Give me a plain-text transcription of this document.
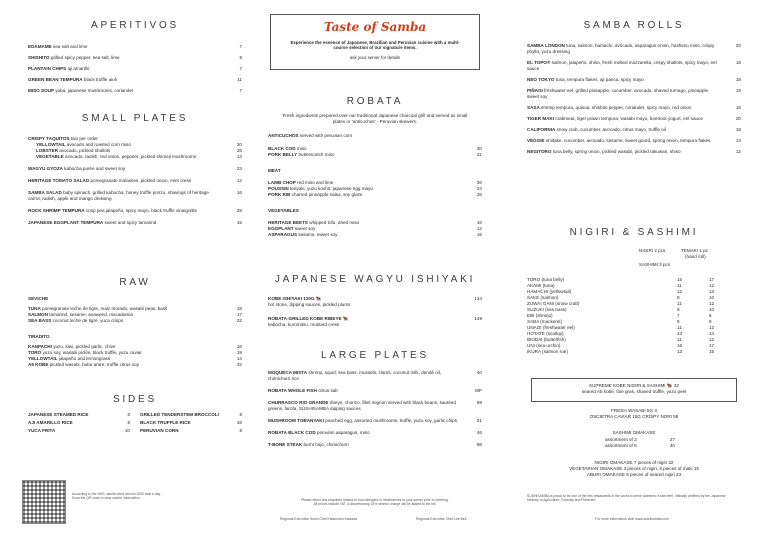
APERITIVOS
EDAMAME sea salt and lime	7
SHISHITO grilled spicy pepper, sea salt, lime	8
PLANTAIN CHIPS aji amarillo	7
GREEN BEAN TEMPURA black truffle aioli	11
MISO SOUP yuba, japanese mushrooms, coriander	7
SMALL PLATES
CRISPY TAQUITOS two per order
YELLOWTAIL avocado and roasted corn miso	20
LOBSTER avocado, pickled shallots	26
VEGETABLE avocado, radish, red onion, peppers, pickled shimeji mushrooms	13
WAGYU GYOZA kabocha purée and sweet soy	23
HERITAGE TOMATO SALAD pomegranate molasses, pickled onion, mint cress	12
SAMBA SALAD baby spinach, grilled kabocha, honey truffle ponzu, shavings of heritage carrot, radish, apple and mango dressing
16
ROCK SHRIMP TEMPURA crisp pea jalapeño, spicy mayo, black truffle vinaigrette	28
JAPANESE EGGPLANT TEMPURA sweet and spicy tamarind	15
RAW
SEVICHE
TUNA pomegranate leche de tigre, maiz morado, wasabi peas, basil	18
SALMON tamarind, sesame, seaweed, macadamia	17
SEA BASS coconut leche de tigre, yuca crisps	22
TIRADITO
KANPACHI yuzu, kiwi, pickled garlic, chive	16
TORO yuzu soy, wasabi pickle, black truffle, yuzu caviar	19
YELLOWTAIL jalapeño and lemongrass	14
A5 KOBE pickled wasabi, bubu arare, truffle citrus soy	32
SIDES
JAPANESE STEAMED RICE	6
AJI AMARILLO RICE	8
YUCA FRITA	10
GRILLED TENDERSTEM BROCCOLI	8
BLACK TRUFFLE RICE	18
PERUVIAN CORN	8
According to the NHS, adults need around 2000 kcal a day. Scan the QR code to view calorie information.
Taste of Samba
Experience the essence of Japanese, Brazilian and Peruvian cuisine with a multi-course selection of our signature items.
ask your server for details
ROBATA
Fresh ingredients prepared over our traditional Japanese charcoal grill and served as small plates or 'anticuchos' - Peruvian skewers.
ANTICUCHOS served with peruvian corn
BLACK COD miso	30
PORK BELLY butterscotch miso	21
MEAT
LAMB CHOP red miso and lime	36
POUSSIN teriyaki, yuzu koshō, japanese egg mayo	24
PORK RIB charred pineapple salsa, soy glaze	26
VEGETABLES
HERITAGE BEETS whipped tofu, dried miso	16
EGGPLANT sweet soy	12
ASPARAGUS sesame, sweet soy	15
JAPANESE WAGYU ISHIYAKI
KOBE ISHIYAKI 120G 🐂
hot stone, dipping sauces, pickled plums
134
ROBATA-GRILLED KOBE RIBEYE 🐂
kabocha, kuromitsu, mustard cress
149
LARGE PLATES
MOQUECA MISTA shrimp, squid, sea bass, mussels, clams, coconut milk, dendê oil, chimichurri rice
40
ROBATA WHOLE FISH citrus salt	MP
CHURRASCO RIO GRANDE ribeye, chorizo, fillet mignon served with black beans, sautéed greens, farofa, SUSHISAMBA dipping sauces
59
MUSHROOM TOBANYAKI poached egg, assorted mushrooms, truffle, yuzu soy, garlic chips	21
ROBATA BLACK COD peruvian asparagus, miso	46
T-BONE STEAK burnt hojo, chimichurri	88
Please direct any enquiries related to food allergies or intolerances to your server prior to ordering.
All prices include VAT. A discretionary 15% service charge will be added to the bill.
Regional Executive Sushi Chef Katsunobu Kawada	Regional Executive Chef Lee Bell
SAMBA ROLLS
SAMBA LONDON tuna, salmon, hamachi, avocado, asparagus onion, hashimo miso, crispy phyllo, yuzu dressing
20
EL TOPO® salmon, jalapeño, shiso, fresh melted mozzarella, crispy shallots, spicy mayo, eel sauce
18
NEO TOKYO tuna, tempura flakes, aji panca, spicy mayo	18
PIÑAGI freshwater eel, grilled pineapple, cucumber, avocado, shaved turnago, pineapple sweet soy
19
SASA shrimp tempura, quinoa, shishito pepper, coriander, spicy mayo, red onion	16
TIGER MAKI crabmeat, tiger prawn tempura, wasabi mayo, beetroot yogurt, eel sauce	20
CALIFORNIA snow crab, cucumber, avocado, citrus mayo, truffle oil	18
VEGGIE shiitake, cucumber, avocado, sesame, sweet gourd, spring onion, tempura flakes	13
NEGITORO tuna belly, spring onion, pickled wasabi, pickled takuwan, shiso	12
NIGIRI & SASHIMI
NIGIRI 2 pcs	TEMAKI 1 pc
(hand roll)
SASHIMI 3 pcs
TORO (tuna belly)	15	17
AKAMI (tuna)	11	12
HAMACHI (yellowtail)	12	13
SAKE (salmon)	9	10
ZUWAI GANI (snow crab)	11	12
SUZUKI (sea bass)	9	10
EBI (shrimp)	7	8
SABA (mackerel)	8	9
UNAGI (freshwater eel)	11	12
HOTATE (scallop)	13	14
IBODAI (butterfish)	11	12
UNI (sea urchin)	16	17
IKURA (salmon roe)	13	15
SUPREME KOBE NIGIRI & SASHIMI 🐂 32
seared A5 kobe, foie gras, shaved truffle, yuzu peel
FRESH WASABI 5G 4
OSCIETRA CAVIAR 15G CRISPY NORI 58
SASHIMI OMAKASE
assortment of 3	27
assortment of 5	40
NIGIRI OMAKASE 7 pieces of nigiri 32
VEGETARIAN OMAKASE 3 pieces of nigiri, 6 pieces of maki 15
ABURI OMAKASE 5 pieces of seared nigiri 23
SUSHISAMBA is proud to be one of the few restaurants in the world to serve authentic Kobe beef, officially certified by the Japanese Ministry of Agriculture, Forestry and Fisheries.
For more information visit: www.sushisamba.com
